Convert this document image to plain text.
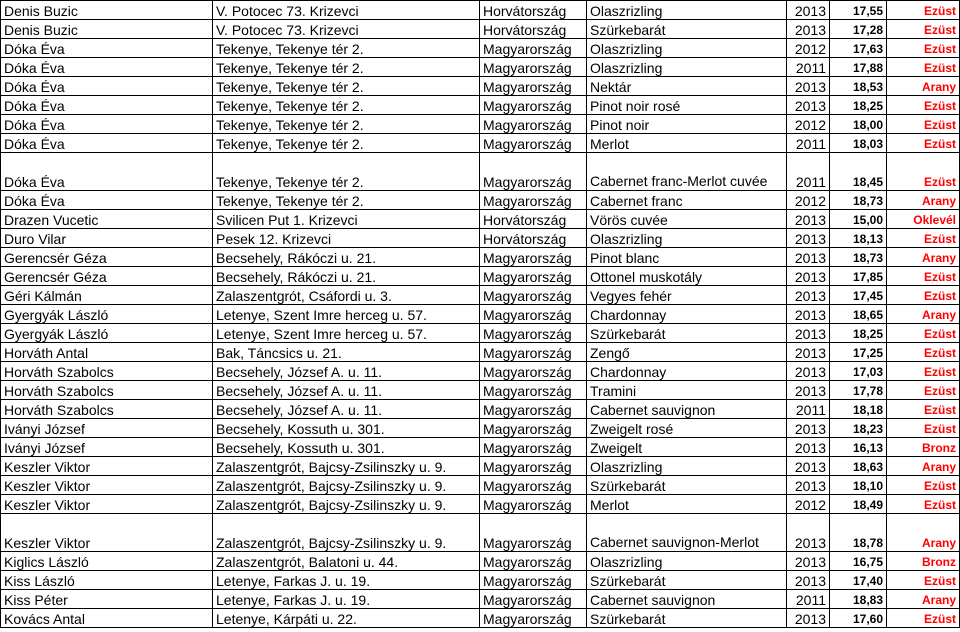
Denis Buzic	V. Potocec 73. Krizevci	Horvátország	Olaszrizling	2013	17,55	Ezüst
Denis Buzic	V. Potocec 73. Krizevci	Horvátország	Szürkebarát	2013	17,28	Ezüst
Dóka Éva	Tekenye, Tekenye tér 2.	Magyarország	Olaszrizling	2012	17,63	Ezüst
Dóka Éva	Tekenye, Tekenye tér 2.	Magyarország	Olaszrizling	2011	17,88	Ezüst
Dóka Éva	Tekenye, Tekenye tér 2.	Magyarország	Nektár	2013	18,53	Arany
Dóka Éva	Tekenye, Tekenye tér 2.	Magyarország	Pinot noir rosé	2013	18,25	Ezüst
Dóka Éva	Tekenye, Tekenye tér 2.	Magyarország	Pinot noir	2012	18,00	Ezüst
Dóka Éva	Tekenye, Tekenye tér 2.	Magyarország	Merlot	2011	18,03	Ezüst
Dóka Éva	Tekenye, Tekenye tér 2.	Magyarország	Cabernet franc-Merlot cuvée	2011	18,45	Ezüst
Dóka Éva	Tekenye, Tekenye tér 2.	Magyarország	Cabernet franc	2012	18,73	Arany
Drazen Vucetic	Svilicen Put 1. Krizevci	Horvátország	Vörös cuvée	2013	15,00	Oklevél
Duro Vilar	Pesek 12. Krizevci	Horvátország	Olaszrizling	2013	18,13	Ezüst
Gerencsér Géza	Becsehely, Rákóczi u. 21.	Magyarország	Pinot blanc	2013	18,73	Arany
Gerencsér Géza	Becsehely, Rákóczi u. 21.	Magyarország	Ottonel muskotály	2013	17,85	Ezüst
Géri Kálmán	Zalaszentgrót, Csáfordi u. 3.	Magyarország	Vegyes fehér	2013	17,45	Ezüst
Gyergyák László	Letenye, Szent Imre herceg u. 57.	Magyarország	Chardonnay	2013	18,65	Arany
Gyergyák László	Letenye, Szent Imre herceg u. 57.	Magyarország	Szürkebarát	2013	18,25	Ezüst
Horváth Antal	Bak, Táncsics u. 21.	Magyarország	Zengő	2013	17,25	Ezüst
Horváth Szabolcs	Becsehely, József A. u. 11.	Magyarország	Chardonnay	2013	17,03	Ezüst
Horváth Szabolcs	Becsehely, József A. u. 11.	Magyarország	Tramini	2013	17,78	Ezüst
Horváth Szabolcs	Becsehely, József A. u. 11.	Magyarország	Cabernet sauvignon	2011	18,18	Ezüst
Iványi József	Becsehely, Kossuth u. 301.	Magyarország	Zweigelt rosé	2013	18,23	Ezüst
Iványi József	Becsehely, Kossuth u. 301.	Magyarország	Zweigelt	2013	16,13	Bronz
Keszler Viktor	Zalaszentgrót, Bajcsy-Zsilinszky u. 9.	Magyarország	Olaszrizling	2013	18,63	Arany
Keszler Viktor	Zalaszentgrót, Bajcsy-Zsilinszky u. 9.	Magyarország	Szürkebarát	2013	18,10	Ezüst
Keszler Viktor	Zalaszentgrót, Bajcsy-Zsilinszky u. 9.	Magyarország	Merlot	2012	18,49	Ezüst
Keszler Viktor	Zalaszentgrót, Bajcsy-Zsilinszky u. 9.	Magyarország	Cabernet sauvignon-Merlot	2013	18,78	Arany
Kiglics László	Zalaszentgrót, Balatoni u. 44.	Magyarország	Olaszrizling	2013	16,75	Bronz
Kiss László	Letenye, Farkas J. u. 19.	Magyarország	Szürkebarát	2013	17,40	Ezüst
Kiss Péter	Letenye, Farkas J. u. 19.	Magyarország	Cabernet sauvignon	2011	18,83	Arany
Kovács Antal	Letenye, Kárpáti u. 22.	Magyarország	Szürkebarát	2013	17,60	Ezüst
